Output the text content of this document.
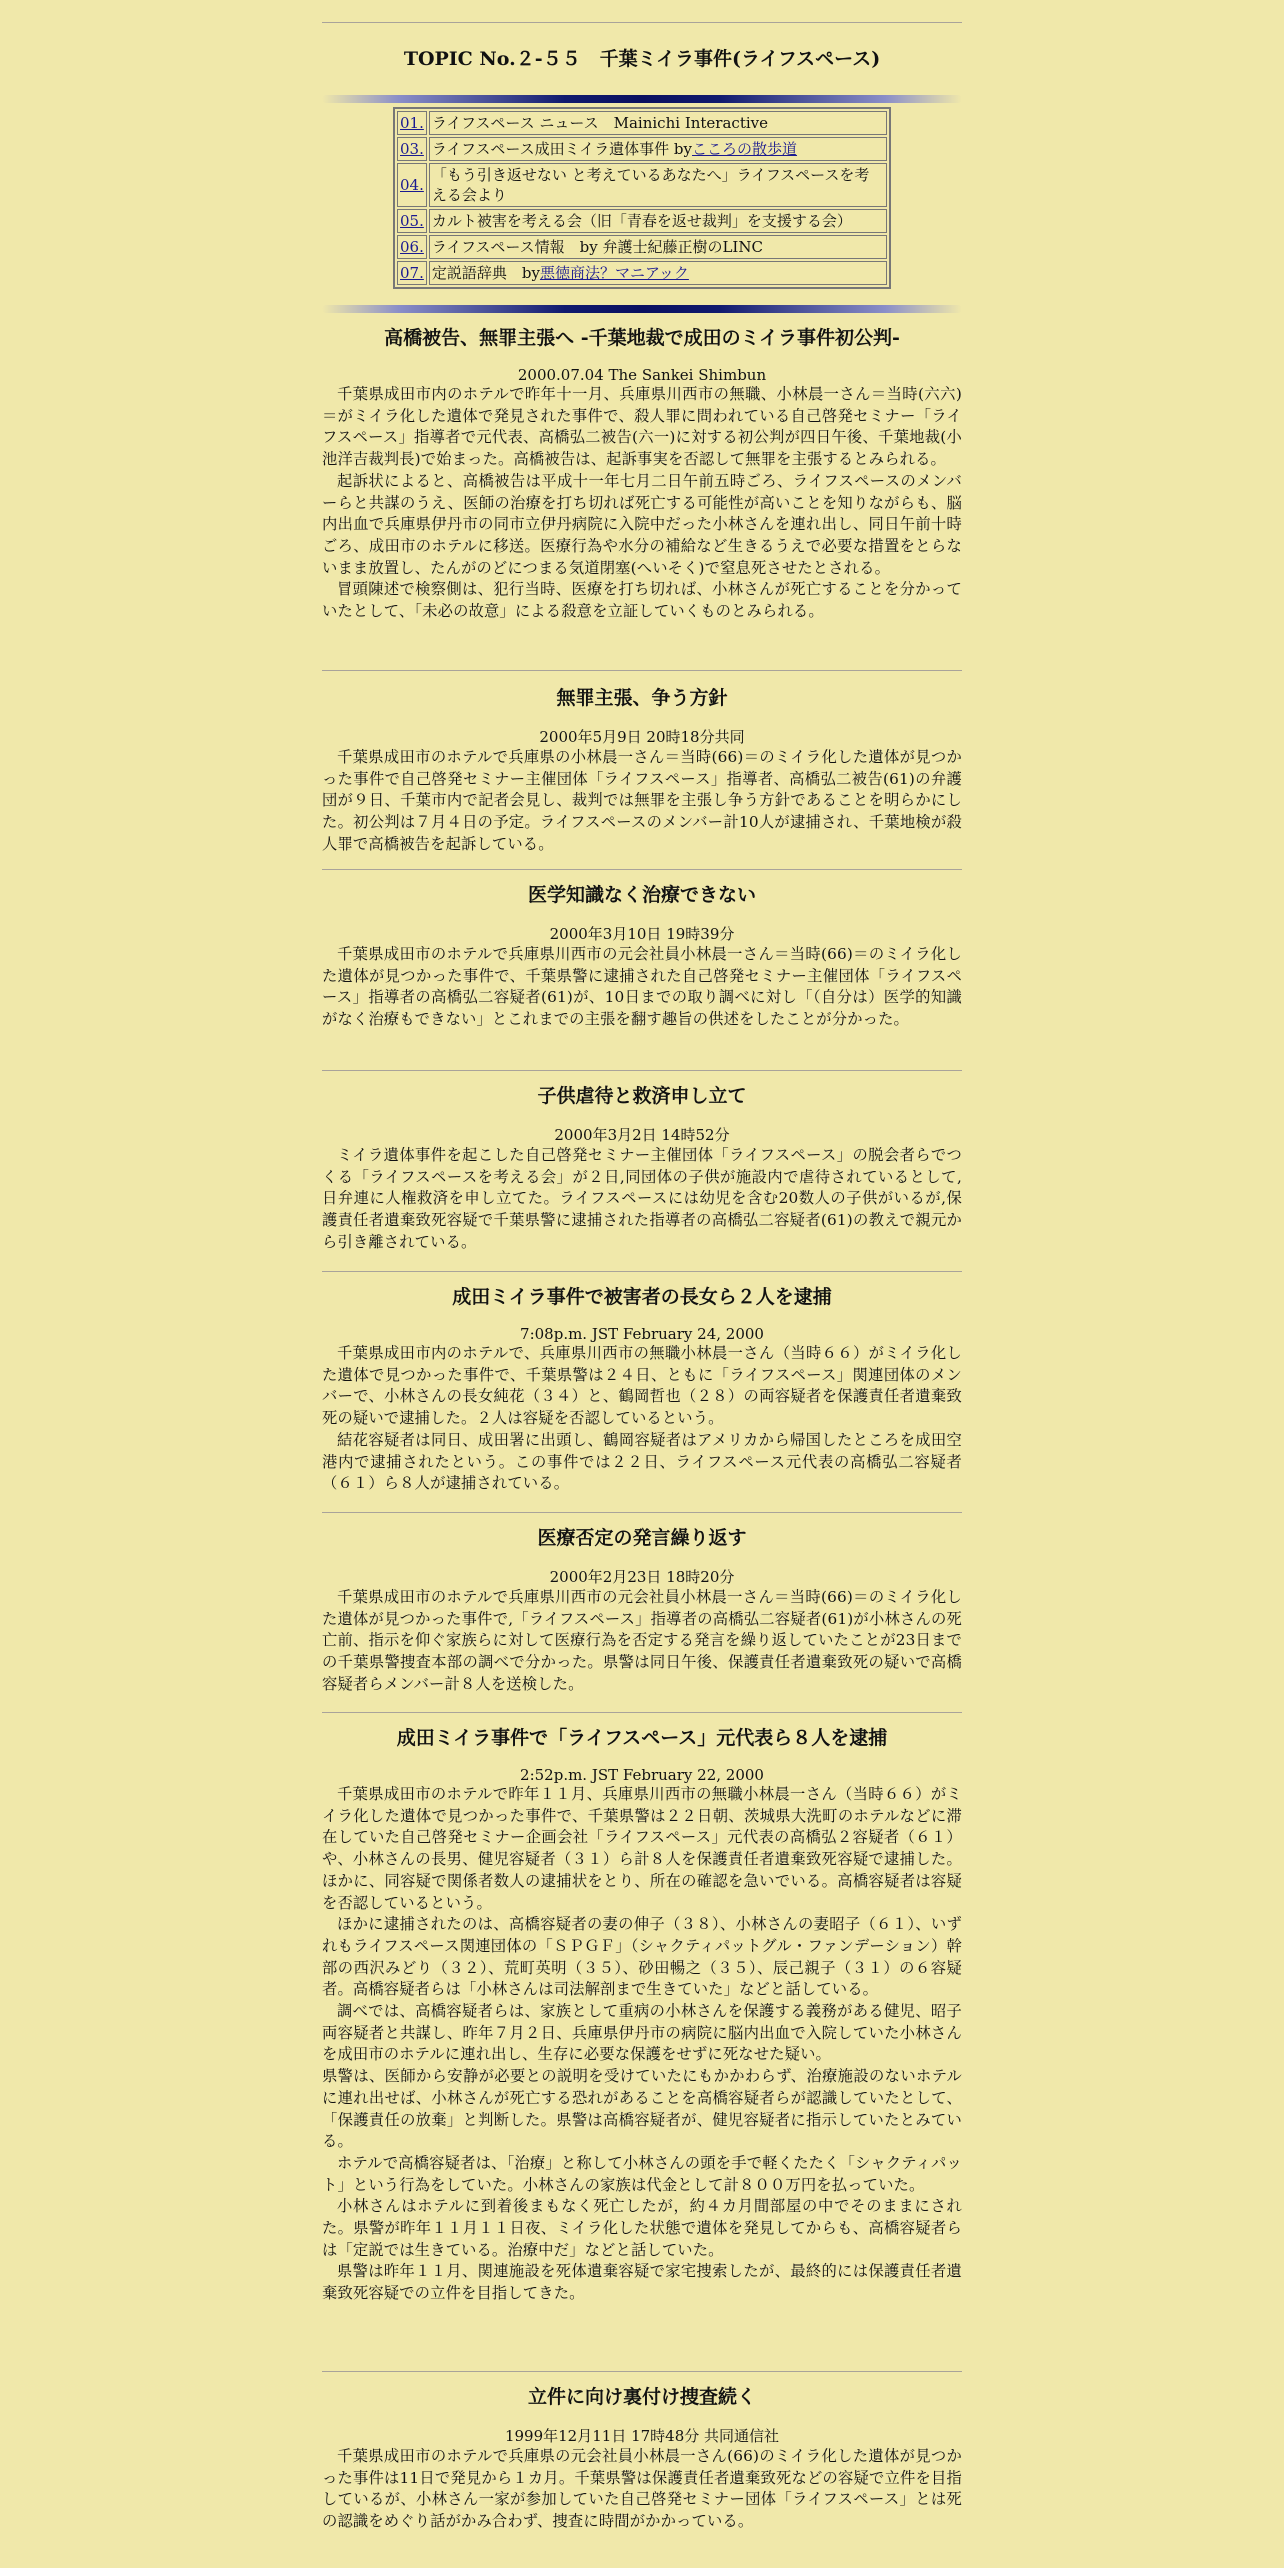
TOPIC No.２-５５　千葉ミイラ事件(ライフスペース)
01.	ライフスペース ニュース　Mainichi Interactive
03.	ライフスペース成田ミイラ遺体事件 byこころの散歩道
04.	「もう引き返せない と考えているあなたへ」ライフスペースを考える会より
05.	カルト被害を考える会（旧「青春を返せ裁判」を支援する会）
06.	ライフスペース情報　by 弁護士紀藤正樹のLINC
07.	定説語辞典　by悪徳商法？マニアック
高橋被告、無罪主張へ -千葉地裁で成田のミイラ事件初公判-
2000.07.04 The Sankei Shimbun

千葉県成田市内のホテルで昨年十一月、兵庫県川西市の無職、小林晨一さん＝当時(六六)＝がミイラ化した遺体で発見された事件で、殺人罪に問われている自己啓発セミナー「ライフスペース」指導者で元代表、高橋弘二被告(六一)に対する初公判が四日午後、千葉地裁(小池洋吉裁判長)で始まった。高橋被告は、起訴事実を否認して無罪を主張するとみられる。

起訴状によると、高橋被告は平成十一年七月二日午前五時ごろ、ライフスペースのメンバーらと共謀のうえ、医師の治療を打ち切れば死亡する可能性が高いことを知りながらも、脳内出血で兵庫県伊丹市の同市立伊丹病院に入院中だった小林さんを連れ出し、同日午前十時ごろ、成田市のホテルに移送。医療行為や水分の補給など生きるうえで必要な措置をとらないまま放置し、たんがのどにつまる気道閉塞(へいそく)で窒息死させたとされる。

冒頭陳述で検察側は、犯行当時、医療を打ち切れば、小林さんが死亡することを分かっていたとして、「未必の故意」による殺意を立証していくものとみられる。

無罪主張、争う方針
2000年5月9日 20時18分共同

千葉県成田市のホテルで兵庫県の小林晨一さん＝当時(66)＝のミイラ化した遺体が見つかった事件で自己啓発セミナー主催団体「ライフスペース」指導者、高橋弘二被告(61)の弁護団が９日、千葉市内で記者会見し、裁判では無罪を主張し争う方針であることを明らかにした。初公判は７月４日の予定。ライフスペースのメンバー計10人が逮捕され、千葉地検が殺人罪で高橋被告を起訴している。

医学知識なく治療できない
2000年3月10日 19時39分

千葉県成田市のホテルで兵庫県川西市の元会社員小林晨一さん＝当時(66)＝のミイラ化した遺体が見つかった事件で、千葉県警に逮捕された自己啓発セミナー主催団体「ライフスペース」指導者の高橋弘二容疑者(61)が、10日までの取り調べに対し「（自分は）医学的知識がなく治療もできない」とこれまでの主張を翻す趣旨の供述をしたことが分かった。

子供虐待と救済申し立て
2000年3月2日 14時52分

ミイラ遺体事件を起こした自己啓発セミナー主催団体「ライフスペース」の脱会者らでつくる「ライフスペースを考える会」が２日,同団体の子供が施設内で虐待されているとして,日弁連に人権救済を申し立てた。ライフスペースには幼児を含む20数人の子供がいるが,保護責任者遺棄致死容疑で千葉県警に逮捕された指導者の高橋弘二容疑者(61)の教えで親元から引き離されている。

成田ミイラ事件で被害者の長女ら２人を逮捕
7:08p.m. JST February 24, 2000

千葉県成田市内のホテルで、兵庫県川西市の無職小林晨一さん（当時６６）がミイラ化した遺体で見つかった事件で、千葉県警は２４日、ともに「ライフスペース」関連団体のメンバーで、小林さんの長女純花（３４）と、鶴岡哲也（２８）の両容疑者を保護責任者遺棄致死の疑いで逮捕した。２人は容疑を否認しているという。

結花容疑者は同日、成田署に出頭し、鶴岡容疑者はアメリカから帰国したところを成田空港内で逮捕されたという。この事件では２２日、ライフスペース元代表の高橋弘二容疑者（６１）ら８人が逮捕されている。

医療否定の発言繰り返す
2000年2月23日 18時20分

千葉県成田市のホテルで兵庫県川西市の元会社員小林晨一さん＝当時(66)＝のミイラ化した遺体が見つかった事件で,「ライフスペース」指導者の高橋弘二容疑者(61)が小林さんの死亡前、指示を仰ぐ家族らに対して医療行為を否定する発言を繰り返していたことが23日までの千葉県警捜査本部の調べで分かった。県警は同日午後、保護責任者遺棄致死の疑いで高橋容疑者らメンバー計８人を送検した。

成田ミイラ事件で「ライフスペース」元代表ら８人を逮捕
2:52p.m. JST February 22, 2000

千葉県成田市のホテルで昨年１１月、兵庫県川西市の無職小林晨一さん（当時６６）がミイラ化した遺体で見つかった事件で、千葉県警は２２日朝、茨城県大洗町のホテルなどに滞在していた自己啓発セミナー企画会社「ライフスペース」元代表の高橋弘２容疑者（６１）や、小林さんの長男、健児容疑者（３１）ら計８人を保護責任者遺棄致死容疑で逮捕した。ほかに、同容疑で関係者数人の逮捕状をとり、所在の確認を急いでいる。高橋容疑者は容疑を否認しているという。

ほかに逮捕されたのは、高橋容疑者の妻の伸子（３８）、小林さんの妻昭子（６１）、いずれもライフスペース関連団体の「ＳＰＧＦ」（シャクティパットグル・ファンデーション）幹部の西沢みどり（３２）、荒町英明（３５）、砂田暢之（３５）、辰己親子（３１）の６容疑者。高橋容疑者らは「小林さんは司法解剖まで生きていた」などと話している。

調べでは、高橋容疑者らは、家族として重病の小林さんを保護する義務がある健児、昭子両容疑者と共謀し、昨年７月２日、兵庫県伊丹市の病院に脳内出血で入院していた小林さんを成田市のホテルに連れ出し、生存に必要な保護をせずに死なせた疑い。

県警は、医師から安静が必要との説明を受けていたにもかかわらず、治療施設のないホテルに連れ出せば、小林さんが死亡する恐れがあることを高橋容疑者らが認識していたとして、「保護責任の放棄」と判断した。県警は高橋容疑者が、健児容疑者に指示していたとみている。

ホテルで高橋容疑者は、「治療」と称して小林さんの頭を手で軽くたたく「シャクティパット」という行為をしていた。小林さんの家族は代金として計８００万円を払っていた。

小林さんはホテルに到着後まもなく死亡したが，約４カ月間部屋の中でそのままにされた。県警が昨年１１月１１日夜、ミイラ化した状態で遺体を発見してからも、高橋容疑者らは「定説では生きている。治療中だ」などと話していた。

県警は昨年１１月、関連施設を死体遺棄容疑で家宅捜索したが、最終的には保護責任者遺棄致死容疑での立件を目指してきた。

立件に向け裏付け捜査続く
1999年12月11日 17時48分 共同通信社

千葉県成田市のホテルで兵庫県の元会社員小林晨一さん(66)のミイラ化した遺体が見つかった事件は11日で発見から１カ月。千葉県警は保護責任者遺棄致死などの容疑で立件を目指しているが、小林さん一家が参加していた自己啓発セミナー団体「ライフスペース」とは死の認識をめぐり話がかみ合わず、捜査に時間がかかっている。
